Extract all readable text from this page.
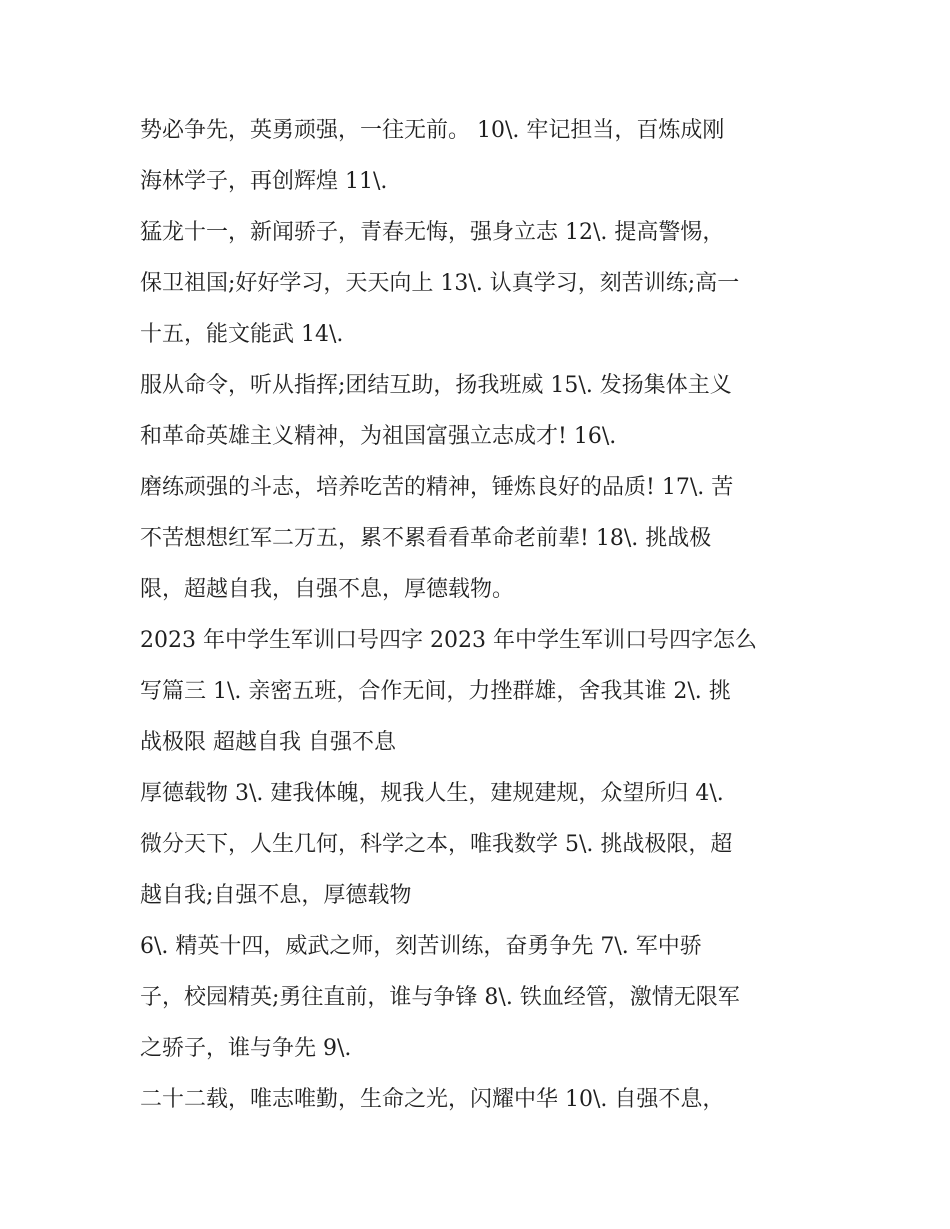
势必争先，英勇顽强，一往无前。 10\. 牢记担当，百炼成刚
海林学子，再创辉煌 11\.
猛龙十一，新闻骄子，青春无悔，强身立志 12\. 提高警惕，
保卫祖国;好好学习，天天向上 13\. 认真学习，刻苦训练;高一
十五，能文能武 14\.
服从命令，听从指挥;团结互助，扬我班威 15\. 发扬集体主义
和革命英雄主义精神，为祖国富强立志成才! 16\.
磨练顽强的斗志，培养吃苦的精神，锤炼良好的品质! 17\. 苦
不苦想想红军二万五，累不累看看革命老前辈! 18\. 挑战极
限，超越自我，自强不息，厚德载物。
2023 年中学生军训口号四字 2023 年中学生军训口号四字怎么
写篇三 1\. 亲密五班，合作无间，力挫群雄，舍我其谁 2\. 挑
战极限 超越自我 自强不息
厚德载物 3\. 建我体魄，规我人生，建规建规，众望所归 4\.
微分天下，人生几何，科学之本，唯我数学 5\. 挑战极限，超
越自我;自强不息，厚德载物
6\. 精英十四，威武之师，刻苦训练，奋勇争先 7\. 军中骄
子，校园精英;勇往直前，谁与争锋 8\. 铁血经管，激情无限军
之骄子，谁与争先 9\.
二十二载，唯志唯勤，生命之光，闪耀中华 10\. 自强不息，
